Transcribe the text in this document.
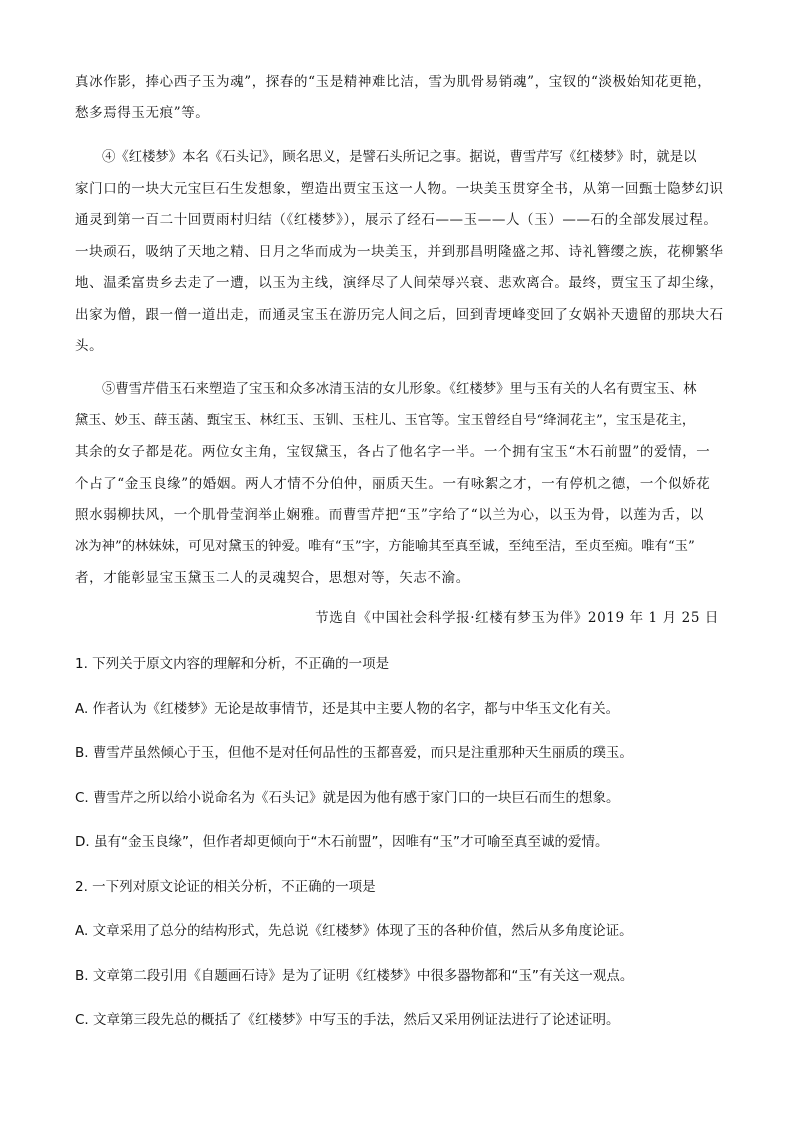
真冰作影，捧心西子玉为魂”，探春的“玉是精神难比洁，雪为肌骨易销魂”，宝钗的“淡极始知花更艳，
愁多焉得玉无痕”等。
④《红楼梦》本名《石头记》，顾名思义，是譬石头所记之事。据说，曹雪芹写《红楼梦》时，就是以
家门口的一块大元宝巨石生发想象，塑造出贾宝玉这一人物。一块美玉贯穿全书，从第一回甄士隐梦幻识
通灵到第一百二十回贾雨村归结（《红楼梦》），展示了经石——玉——人（玉）——石的全部发展过程。
一块顽石，吸纳了天地之精、日月之华而成为一块美玉，并到那昌明隆盛之邦、诗礼簪缨之族，花柳繁华
地、温柔富贵乡去走了一遭，以玉为主线，演绎尽了人间荣辱兴衰、悲欢离合。最终，贾宝玉了却尘缘，
出家为僧，跟一僧一道出走，而通灵宝玉在游历完人间之后，回到青埂峰变回了女娲补天遗留的那块大石
头。
⑤曹雪芹借玉石来塑造了宝玉和众多冰清玉洁的女儿形象。《红楼梦》里与玉有关的人名有贾宝玉、林
黛玉、妙玉、薛玉菡、甄宝玉、林红玉、玉钏、玉柱儿、玉官等。宝玉曾经自号“绛洞花主”，宝玉是花主，
其余的女子都是花。两位女主角，宝钗黛玉，各占了他名字一半。一个拥有宝玉“木石前盟”的爱情，一
个占了“金玉良缘”的婚姻。两人才情不分伯仲，丽质天生。一有咏絮之才，一有停机之德，一个似娇花
照水弱柳扶风，一个肌骨莹润举止娴雅。而曹雪芹把“玉”字给了“以兰为心，以玉为骨，以莲为舌，以
冰为神”的林妹妹，可见对黛玉的钟爱。唯有“玉”字，方能喻其至真至诚，至纯至洁，至贞至痴。唯有“玉”
者，才能彰显宝玉黛玉二人的灵魂契合，思想对等，矢志不渝。
节选自《中国社会科学报·红楼有梦玉为伴》2019 年 1 月 25 日
1. 下列关于原文内容的理解和分析，不正确的一项是
A. 作者认为《红楼梦》无论是故事情节，还是其中主要人物的名字，都与中华玉文化有关。
B. 曹雪芹虽然倾心于玉，但他不是对任何品性的玉都喜爱，而只是注重那种天生丽质的璞玉。
C. 曹雪芹之所以给小说命名为《石头记》就是因为他有感于家门口的一块巨石而生的想象。
D. 虽有“金玉良缘”，但作者却更倾向于“木石前盟”，因唯有“玉”才可喻至真至诚的爱情。
2. 一下列对原文论证的相关分析，不正确的一项是
A. 文章采用了总分的结构形式，先总说《红楼梦》体现了玉的各种价值，然后从多角度论证。
B. 文章第二段引用《自题画石诗》是为了证明《红楼梦》中很多器物都和“玉”有关这一观点。
C. 文章第三段先总的概括了《红楼梦》中写玉的手法，然后又采用例证法进行了论述证明。
